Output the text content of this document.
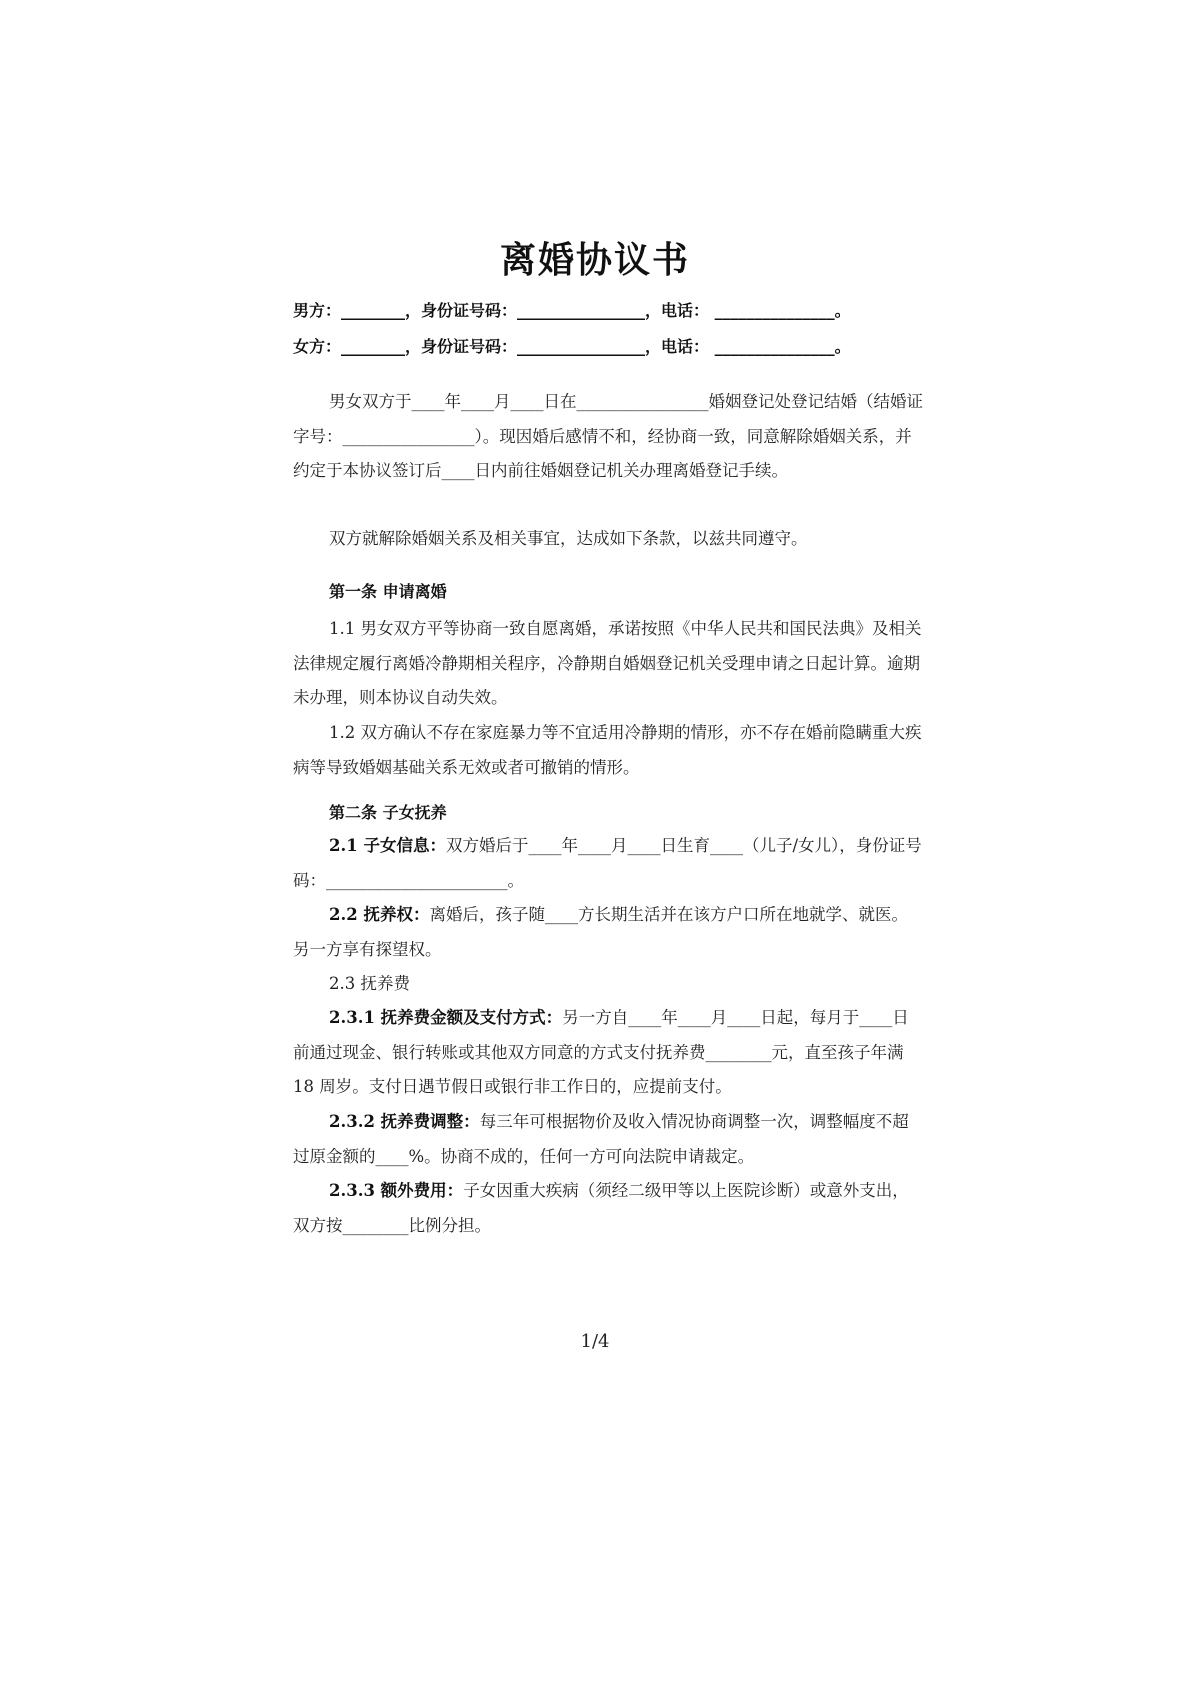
离婚协议书
男方：________，身份证号码：________________，电话： _______________。
女方：________，身份证号码：________________，电话： _______________。

男女双方于____年____月____日在________________婚姻登记处登记结婚（结婚证字号：________________）。现因婚后感情不和，经协商一致，同意解除婚姻关系，并约定于本协议签订后____日内前往婚姻登记机关办理离婚登记手续。

双方就解除婚姻关系及相关事宜，达成如下条款，以兹共同遵守。

第一条 申请离婚

1.1 男女双方平等协商一致自愿离婚，承诺按照《中华人民共和国民法典》及相关法律规定履行离婚冷静期相关程序，冷静期自婚姻登记机关受理申请之日起计算。逾期未办理，则本协议自动失效。

1.2 双方确认不存在家庭暴力等不宜适用冷静期的情形，亦不存在婚前隐瞒重大疾病等导致婚姻基础关系无效或者可撤销的情形。

第二条 子女抚养

2.1 子女信息：双方婚后于____年____月____日生育____（儿子/女儿），身份证号码：______________________。

2.2 抚养权：离婚后，孩子随____方长期生活并在该方户口所在地就学、就医。另一方享有探望权。

2.3 抚养费

2.3.1 抚养费金额及支付方式：另一方自____年____月____日起，每月于____日前通过现金、银行转账或其他双方同意的方式支付抚养费________元，直至孩子年满 18 周岁。支付日遇节假日或银行非工作日的，应提前支付。

2.3.2 抚养费调整：每三年可根据物价及收入情况协商调整一次，调整幅度不超过原金额的____%。协商不成的，任何一方可向法院申请裁定。

2.3.3 额外费用：子女因重大疾病（须经二级甲等以上医院诊断）或意外支出，双方按________比例分担。

1/4
